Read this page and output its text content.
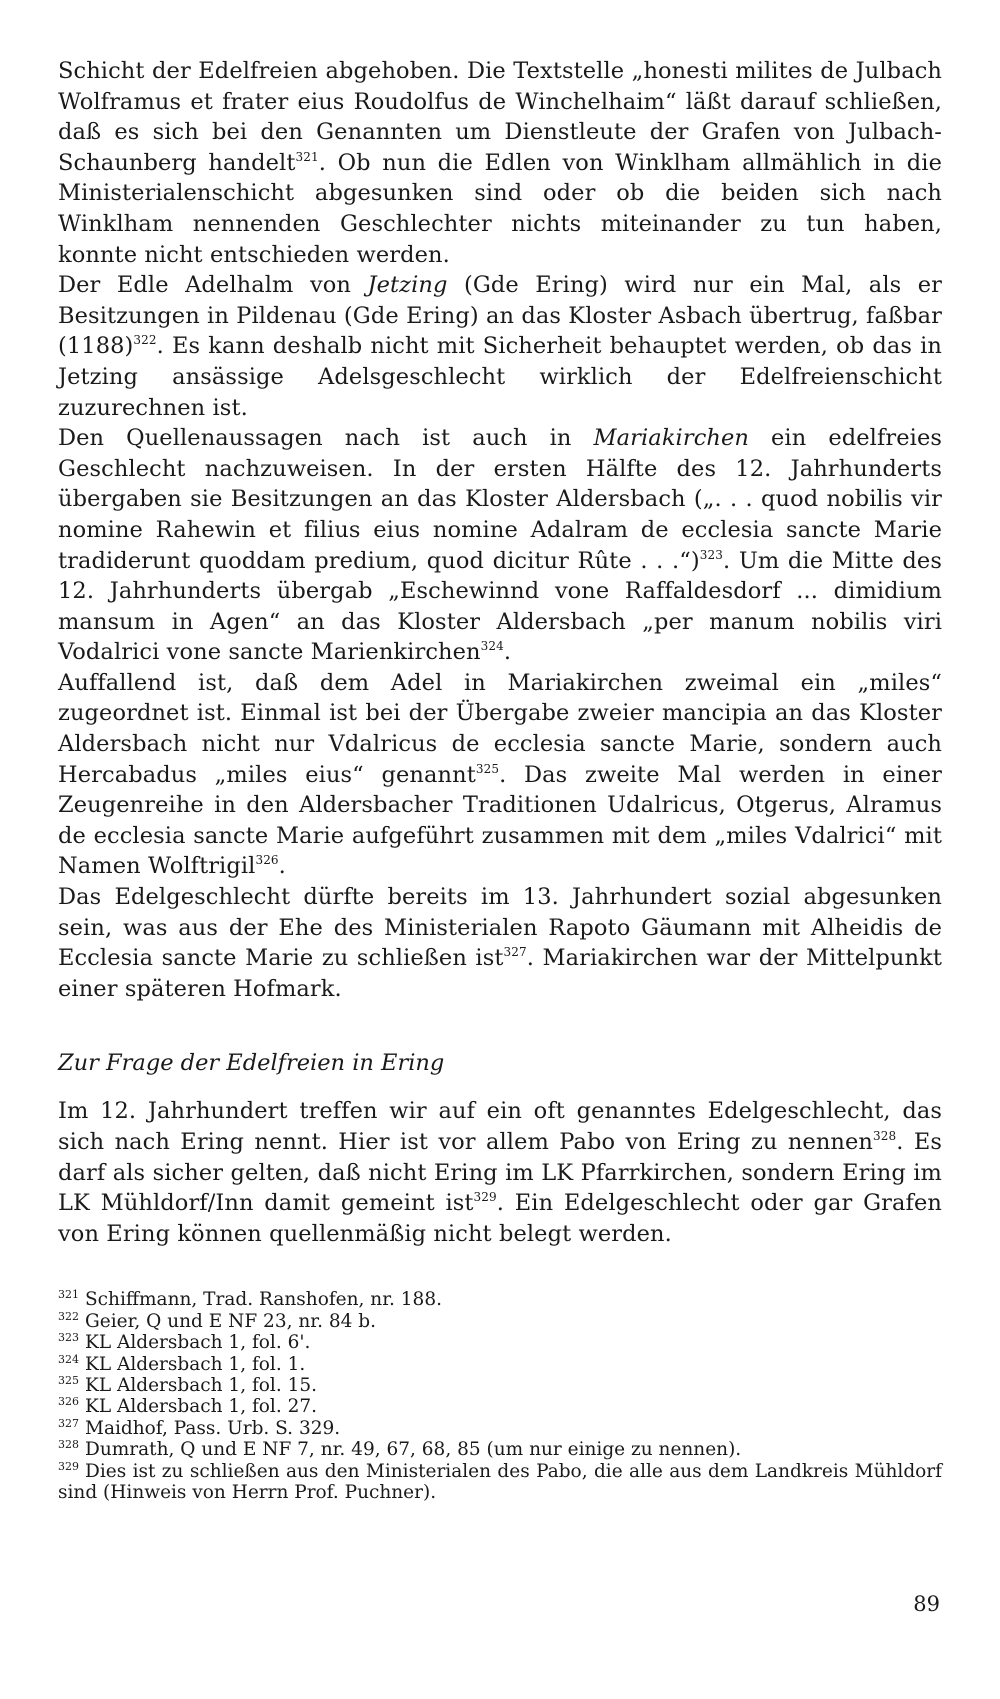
Schicht der Edelfreien abgehoben. Die Textstelle „honesti milites de Julbach Wolframus et frater eius Roudolfus de Winchelhaim“ läßt darauf schließen, daß es sich bei den Genannten um Dienstleute der Grafen von Julbach-Schaunberg handelt$^{321}$. Ob nun die Edlen von Winklham allmählich in die Ministerialenschicht abgesunken sind oder ob die beiden sich nach Winklham nennenden Geschlechter nichts miteinander zu tun haben, konnte nicht entschieden werden.

Der Edle Adelhalm von Jetzing (Gde Ering) wird nur ein Mal, als er Besitzungen in Pildenau (Gde Ering) an das Kloster Asbach übertrug, faßbar $(1188)^{322}$. Es kann deshalb nicht mit Sicherheit behauptet werden, ob das in Jetzing ansässige Adelsgeschlecht wirklich der Edelfreienschicht zuzurechnen ist.

Den Quellenaussagen nach ist auch in Mariakirchen ein edelfreies Geschlecht nachzuweisen. In der ersten Hälfte des 12. Jahrhunderts übergaben sie Besitzungen an das Kloster Aldersbach („. . . quod nobilis vir nomine Rahewin et filius eius nomine Adalram de ecclesia sancte Marie tradiderunt quoddam predium, quod dicitur Rûte . . .“)$^{323}$. Um die Mitte des 12. Jahrhunderts übergab „Eschewinnd vone Raffaldesdorf ... dimidium mansum in Agen“ an das Kloster Aldersbach „per manum nobilis viri Vodalrici vone sancte Marienkirchen$^{324}$.

Auffallend ist, daß dem Adel in Mariakirchen zweimal ein „miles“ zugeordnet ist. Einmal ist bei der Übergabe zweier mancipia an das Kloster Aldersbach nicht nur Vdalricus de ecclesia sancte Marie, sondern auch Hercabadus „miles eius“ genannt$^{325}$. Das zweite Mal werden in einer Zeugenreihe in den Aldersbacher Traditionen Udalricus, Otgerus, Alramus de ecclesia sancte Marie aufgeführt zusammen mit dem „miles Vdalrici“ mit Namen Wolftrigil$^{326}$.

Das Edelgeschlecht dürfte bereits im 13. Jahrhundert sozial abgesunken sein, was aus der Ehe des Ministerialen Rapoto Gäumann mit Alheidis de Ecclesia sancte Marie zu schließen ist$^{327}$. Mariakirchen war der Mittelpunkt einer späteren Hofmark.

Zur Frage der Edelfreien in Ering

Im 12. Jahrhundert treffen wir auf ein oft genanntes Edelgeschlecht, das sich nach Ering nennt. Hier ist vor allem Pabo von Ering zu nennen$^{328}$. Es darf als sicher gelten, daß nicht Ering im LK Pfarrkirchen, sondern Ering im LK Mühldorf/Inn damit gemeint ist$^{329}$. Ein Edelgeschlecht oder gar Grafen von Ering können quellenmäßig nicht belegt werden.

$^{321}$ Schiffmann, Trad. Ranshofen, nr. 188.
$^{322}$ Geier, Q und E NF 23, nr. 84 b.
$^{323}$ KL Aldersbach 1, fol. 6'.
$^{324}$ KL Aldersbach 1, fol. 1.
$^{325}$ KL Aldersbach 1, fol. 15.
$^{326}$ KL Aldersbach 1, fol. 27.
$^{327}$ Maidhof, Pass. Urb. S. 329.
$^{328}$ Dumrath, Q und E NF 7, nr. 49, 67, 68, 85 (um nur einige zu nennen).
$^{329}$ Dies ist zu schließen aus den Ministerialen des Pabo, die alle aus dem Landkreis Mühldorf sind (Hinweis von Herrn Prof. Puchner).
89
